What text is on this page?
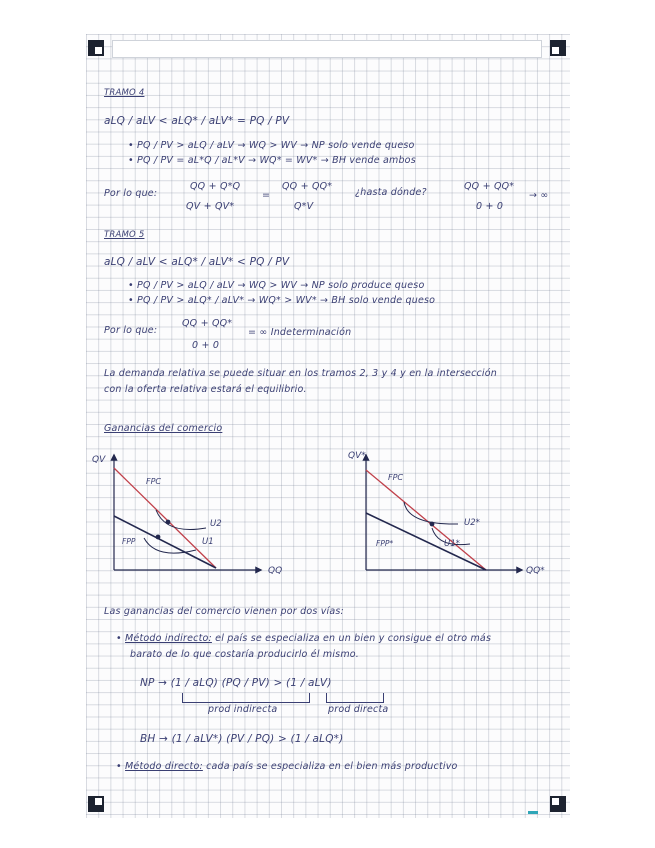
TRAMO 4
aLQ / aLV < aLQ* / aLV* = PQ / PV
• PQ / PV > aLQ / aLV → WQ > WV → NP solo vende queso
• PQ / PV = aL*Q / aL*V → WQ* = WV* → BH vende ambos
Por lo que:
QQ + Q*Q
QV + QV*
=
QQ + QQ*
Q*V
¿hasta dónde?
QQ + QQ*
0 + 0
→ ∞
TRAMO 5
aLQ / aLV < aLQ* / aLV* < PQ / PV
• PQ / PV > aLQ / aLV → WQ > WV → NP solo produce queso
• PQ / PV > aLQ* / aLV* → WQ* > WV* → BH solo vende queso
Por lo que:
QQ + QQ*
0 + 0
= ∞ Indeterminación
La demanda relativa se puede situar en los tramos 2, 3 y 4 y en la intersección
con la oferta relativa estará el equilibrio.
Ganancias del comercio
QV
QQ
FPC
FPP
U2
U1
QV*
QQ*
FPC
FPP*
U2*
U1*
Las ganancias del comercio vienen por dos vías:
• Método indirecto: el país se especializa en un bien y consigue el otro más
barato de lo que costaría producirlo él mismo.
NP → (1 / aLQ) (PQ / PV) > (1 / aLV)
prod indirecta	prod directa
BH → (1 / aLV*) (PV / PQ) > (1 / aLQ*)
• Método directo: cada país se especializa en el bien más productivo
